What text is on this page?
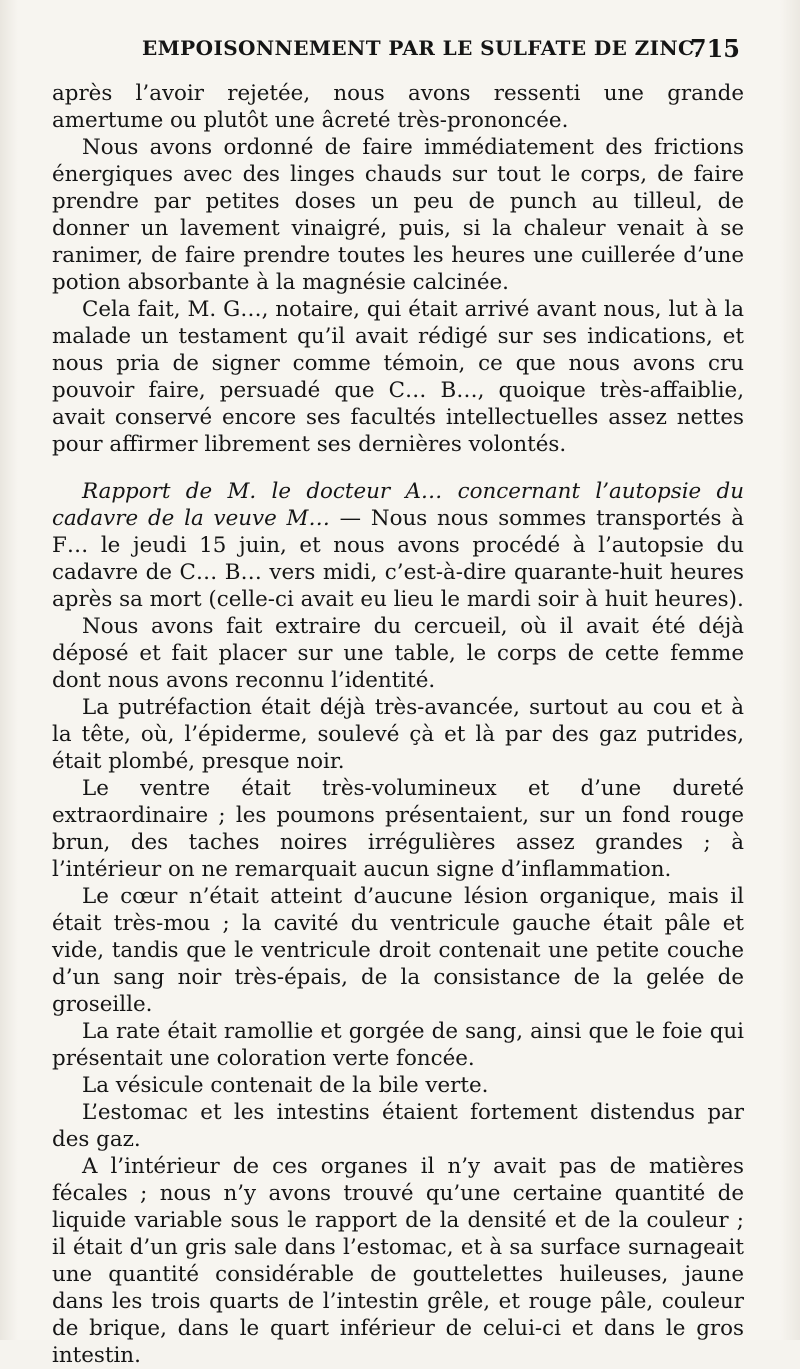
EMPOISONNEMENT PAR LE SULFATE DE ZINC.
715

après l’avoir rejetée, nous avons ressenti une grande amertume ou plutôt une âcreté très-prononcée.

Nous avons ordonné de faire immédiatement des frictions énergiques avec des linges chauds sur tout le corps, de faire prendre par petites doses un peu de punch au tilleul, de donner un lavement vinaigré, puis, si la chaleur venait à se ranimer, de faire prendre toutes les heures une cuillerée d’une potion absorbante à la magnésie calcinée.

Cela fait, M. G…, notaire, qui était arrivé avant nous, lut à la malade un testament qu’il avait rédigé sur ses indications, et nous pria de signer comme témoin, ce que nous avons cru pouvoir faire, persuadé que C… B…, quoique très-affaiblie, avait conservé encore ses facultés intellectuelles assez nettes pour affirmer librement ses dernières volontés.

Rapport de M. le docteur A… concernant l’autopsie du cadavre de la veuve M… — Nous nous sommes transportés à F… le jeudi 15 juin, et nous avons procédé à l’autopsie du cadavre de C… B… vers midi, c’est-à-dire quarante-huit heures après sa mort (celle-ci avait eu lieu le mardi soir à huit heures).

Nous avons fait extraire du cercueil, où il avait été déjà déposé et fait placer sur une table, le corps de cette femme dont nous avons reconnu l’identité.

La putréfaction était déjà très-avancée, surtout au cou et à la tête, où, l’épiderme, soulevé çà et là par des gaz putrides, était plombé, presque noir.

Le ventre était très-volumineux et d’une dureté extraordinaire ; les poumons présentaient, sur un fond rouge brun, des taches noires irrégulières assez grandes ; à l’intérieur on ne remarquait aucun signe d’inflammation.

Le cœur n’était atteint d’aucune lésion organique, mais il était très-mou ; la cavité du ventricule gauche était pâle et vide, tandis que le ventricule droit contenait une petite couche d’un sang noir très-épais, de la consistance de la gelée de groseille.

La rate était ramollie et gorgée de sang, ainsi que le foie qui présentait une coloration verte foncée.

La vésicule contenait de la bile verte.

L’estomac et les intestins étaient fortement distendus par des gaz.

A l’intérieur de ces organes il n’y avait pas de matières fécales ; nous n’y avons trouvé qu’une certaine quantité de liquide variable sous le rapport de la densité et de la couleur ; il était d’un gris sale dans l’estomac, et à sa surface surnageait une quantité considérable de gouttelettes huileuses, jaune dans les trois quarts de l’intestin grêle, et rouge pâle, couleur de brique, dans le quart inférieur de celui-ci et dans le gros intestin.
